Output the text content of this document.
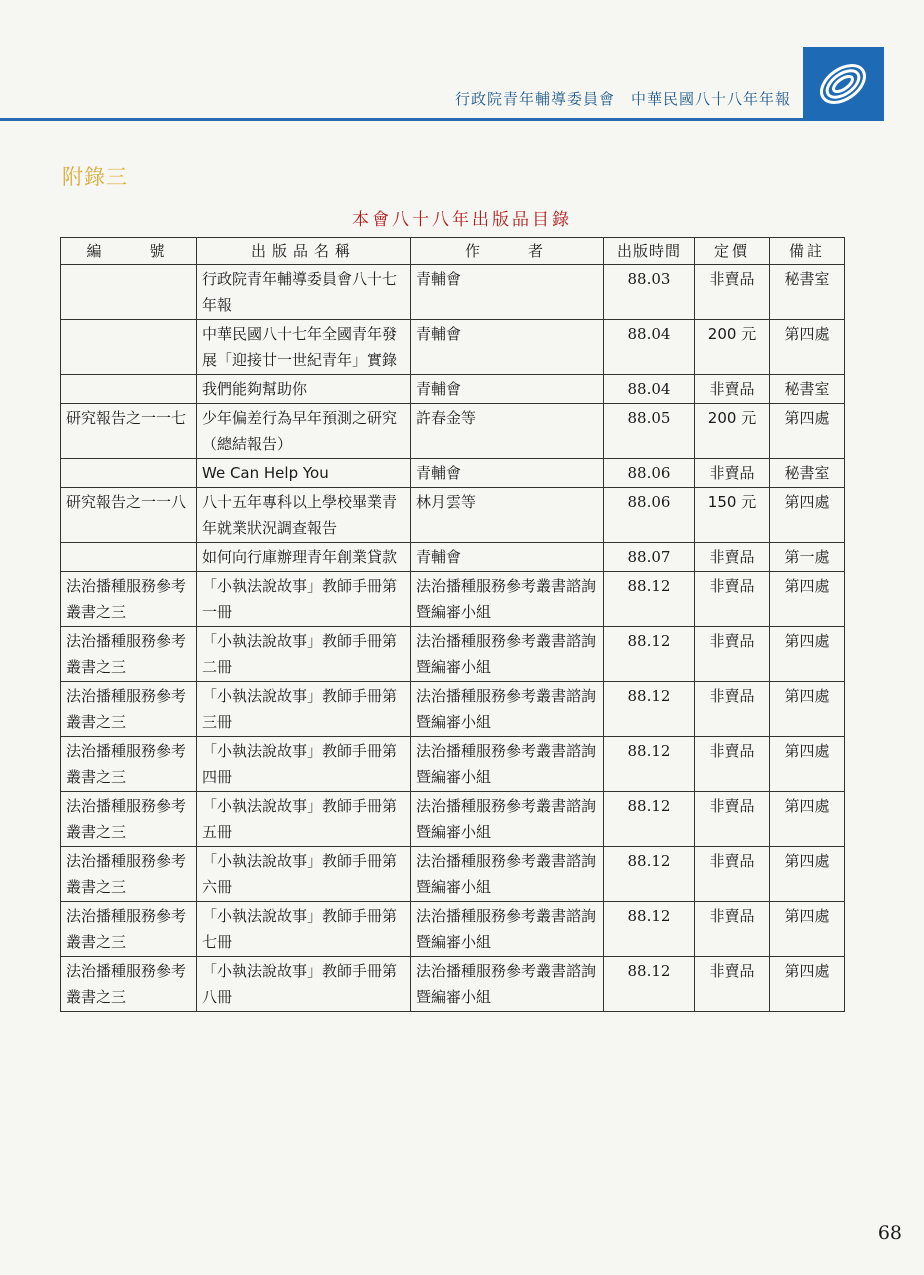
行政院青年輔導委員會　中華民國八十八年年報
附錄三
本會八十八年出版品目錄
編　　號	出版品名稱	作　　者	出版時間	定價	備註
	行政院青年輔導委員會八十七年報	青輔會	88.03	非賣品	秘書室
	中華民國八十七年全國青年發展「迎接廿一世紀青年」實錄	青輔會	88.04	200 元	第四處
	我們能夠幫助你	青輔會	88.04	非賣品	秘書室
研究報告之一一七	少年偏差行為早年預測之研究（總結報告）	許春金等	88.05	200 元	第四處
	We Can Help You	青輔會	88.06	非賣品	秘書室
研究報告之一一八	八十五年專科以上學校畢業青年就業狀況調查報告	林月雲等	88.06	150 元	第四處
	如何向行庫辦理青年創業貸款	青輔會	88.07	非賣品	第一處
法治播種服務參考叢書之三	「小執法說故事」教師手冊第一冊	法治播種服務參考叢書諮詢暨編審小組	88.12	非賣品	第四處
法治播種服務參考叢書之三	「小執法說故事」教師手冊第二冊	法治播種服務參考叢書諮詢暨編審小組	88.12	非賣品	第四處
法治播種服務參考叢書之三	「小執法說故事」教師手冊第三冊	法治播種服務參考叢書諮詢暨編審小組	88.12	非賣品	第四處
法治播種服務參考叢書之三	「小執法說故事」教師手冊第四冊	法治播種服務參考叢書諮詢暨編審小組	88.12	非賣品	第四處
法治播種服務參考叢書之三	「小執法說故事」教師手冊第五冊	法治播種服務參考叢書諮詢暨編審小組	88.12	非賣品	第四處
法治播種服務參考叢書之三	「小執法說故事」教師手冊第六冊	法治播種服務參考叢書諮詢暨編審小組	88.12	非賣品	第四處
法治播種服務參考叢書之三	「小執法說故事」教師手冊第七冊	法治播種服務參考叢書諮詢暨編審小組	88.12	非賣品	第四處
法治播種服務參考叢書之三	「小執法說故事」教師手冊第八冊	法治播種服務參考叢書諮詢暨編審小組	88.12	非賣品	第四處
68
